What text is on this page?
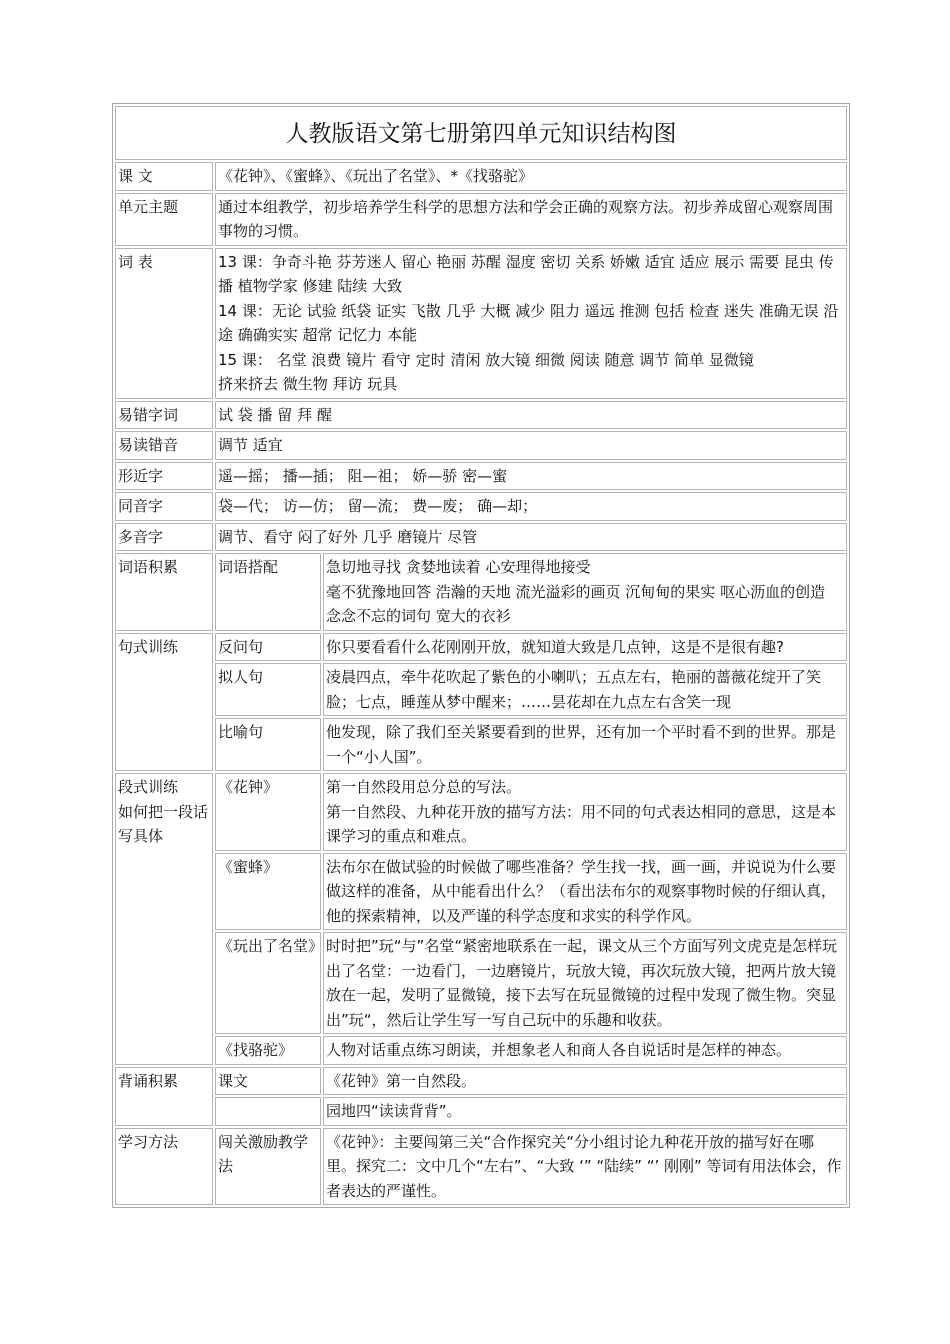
人教版语文第七册第四单元知识结构图		
课 文	《花钟》、《蜜蜂》、《玩出了名堂》、*《找骆驼》	
单元主题	通过本组教学，初步培养学生科学的思想方法和学会正确的观察方法。初步养成留心观察周围事物的习惯。	
词 表	13 课：争奇斗艳 芬芳迷人 留心 艳丽 苏醒 湿度 密切 关系 娇嫩 适宜 适应 展示 需要 昆虫 传播 植物学家 修建 陆续 大致
14 课：无论 试验 纸袋 证实 飞散 几乎 大概 减少 阻力 遥远 推测 包括 检查 迷失 准确无误 沿途 确确实实 超常 记忆力 本能
15 课： 名堂 浪费 镜片 看守 定时 清闲 放大镜 细微 阅读 随意 调节 简单 显微镜
挤来挤去 微生物 拜访 玩具	

易错字词	试 袋 播 留 拜 醒	
易读错音	调节 适宜	
形近字	遥—摇； 播—插； 阻—祖； 娇—骄 密—蜜	
同音字	袋—代； 访—仿； 留—流； 费—废； 确—却；	
多音字	调节、看守 闷了好外 几乎 磨镜片 尽管	
词语积累	词语搭配	急切地寻找 贪婪地读着 心安理得地接受
毫不犹豫地回答 浩瀚的天地 流光溢彩的画页 沉甸甸的果实 呕心沥血的创造 念念不忘的词句 宽大的衣衫

句式训练	反问句	你只要看看什么花刚刚开放，就知道大致是几点钟，这是不是很有趣?
	拟人句	凌晨四点，牵牛花吹起了紫色的小喇叭；五点左右，艳丽的蔷薇花绽开了笑脸；七点，睡莲从梦中醒来；……昙花却在九点左右含笑一现
	比喻句	他发现，除了我们至关紧要看到的世界，还有加一个平时看不到的世界。那是一个“小人国”。

段式训练
如何把一段话
写具体	《花钟》	第一自然段用总分总的写法。
第一自然段、九种花开放的描写方法：用不同的句式表达相同的意思，这是本课学习的重点和难点。

	《蜜蜂》	法布尔在做试验的时候做了哪些准备？学生找一找，画一画，并说说为什么要做这样的准备，从中能看出什么？（看出法布尔的观察事物时候的仔细认真，他的探索精神，以及严谨的科学态度和求实的科学作风。
	《玩出了名堂》	时时把”玩“与”名堂“紧密地联系在一起，课文从三个方面写列文虎克是怎样玩出了名堂：一边看门，一边磨镜片，玩放大镜，再次玩放大镜，把两片放大镜放在一起，发明了显微镜，接下去写在玩显微镜的过程中发现了微生物。突显出”玩“，然后让学生写一写自己玩中的乐趣和收获。
	《找骆驼》	人物对话重点练习朗读，并想象老人和商人各自说话时是怎样的神态。
背诵积累	课文	《花钟》第一自然段。
		园地四“读读背背”。
学习方法	闯关激励教学法	《花钟》：主要闯第三关“合作探究关“分小组讨论九种花开放的描写好在哪里。探究二：文中几个“左右”、“大致 ‘” “陆续” “’ 刚刚” 等词有用法体会，作者表达的严谨性。
